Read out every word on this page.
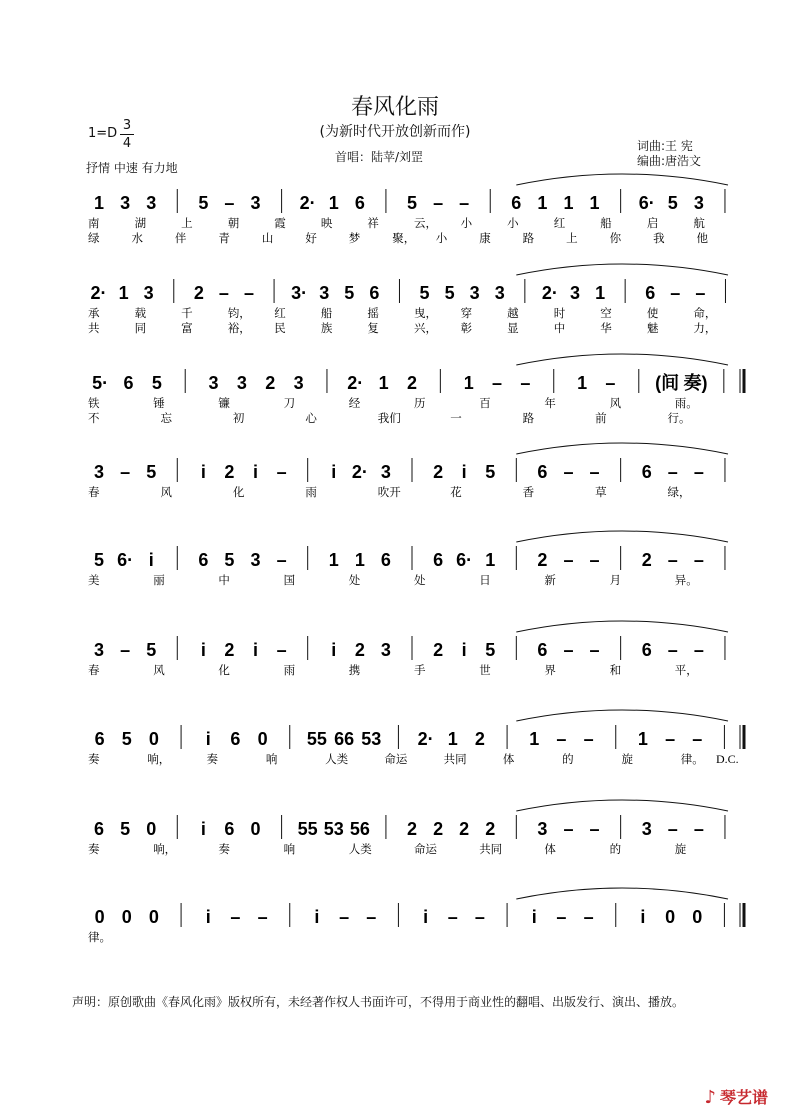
春风化雨
(为新时代开放创新而作)
1=D
3
4
抒情 中速 有力地
首唱：陆苹/刘罡
词曲:王 宪
编曲:唐浩文
1 3 3 5 – 3 2· 1 6 5 – – 6 1 1 1 6· 5 3
南	湖	上	朝	霞	映	祥	云， 小	小	红	船	启	航
绿	水	伴	青	山	好	梦	聚， 小	康	路	上	你	我	他
2· 1 3 2 – – 3· 3 5 6 5 5 3 3 2· 3 1 6 – –
承	载	千	钧， 红	船	摇	曳， 穿	越	时	空	使	命，
共	同	富	裕， 民	族	复	兴， 彰	显	中	华	魅	力，
5· 6 5	3 3 2 3 2· 1 2	1 – –	1 – (间 奏)
铁	锤	镰	刀	经	历	百	年	风	雨。
不	忘	初	心	我们	一	路	前	行。
3 – 5 i 2 i – i 2· 3 2 i 5 6 – – 6 – –
春	风	化	雨	吹开	花	香	草	绿，
5 6· i 6 5 3 – 1 1 6 6 6· 1 2 – – 2 – –
美	丽	中	国	处	处	日	新	月	异。
3 – 5 i 2 i – i 2 3 2 i 5 6 – – 6 – –
春	风	化	雨	携	手	世	界	和	平，
6 5 0	i 6 0 55 66 53 2· 1 2 1 – – 1 – –
奏	响，	奏	响	人类	命运	共同	体	的	旋	律。
6 5 0 i 6 0 55 53 56 2 2 2 2 3 – – 3 – –
奏	响，	奏	响	人类	命运	共同	体	的	旋
0 0 0	i – –	i – –	i – –	i – –	i 0 0
律。
D.C.
声明：原创歌曲《春风化雨》版权所有，未经著作权人书面许可，不得用于商业性的翻唱、出版发行、演出、播放。
♪ 琴艺谱
